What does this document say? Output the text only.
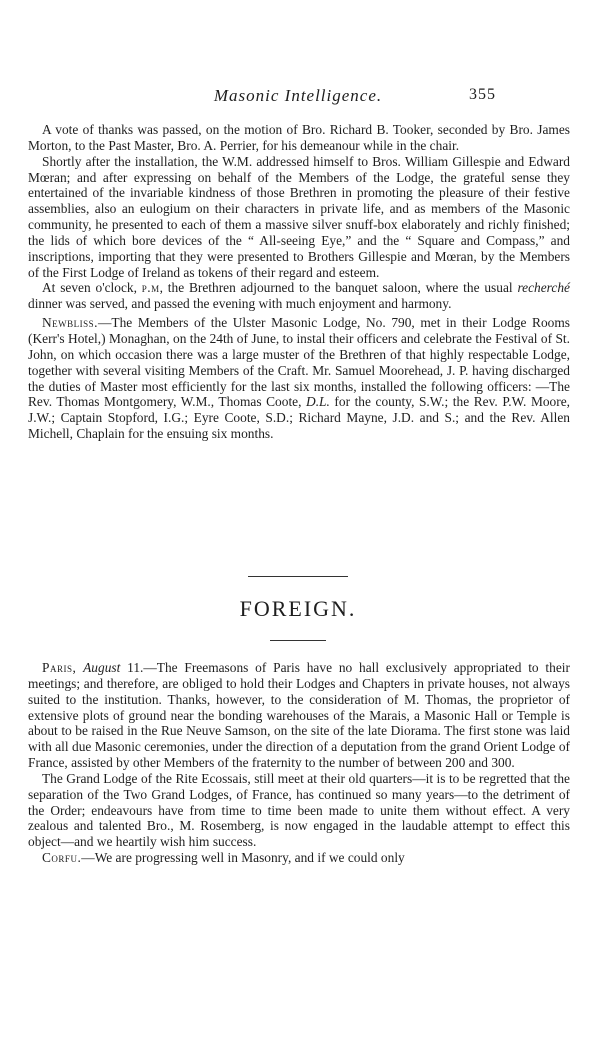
Masonic Intelligence.	355

A vote of thanks was passed, on the motion of Bro. Richard B. Tooker, seconded by Bro. James Morton, to the Past Master, Bro. A. Perrier, for his demeanour while in the chair.

Shortly after the installation, the W.M. addressed himself to Bros. William Gillespie and Edward Mœran; and after expressing on behalf of the Members of the Lodge, the grateful sense they entertained of the invariable kindness of those Brethren in promoting the pleasure of their festive assemblies, also an eulogium on their characters in private life, and as members of the Masonic community, he presented to each of them a massive silver snuff-box elaborately and richly finished; the lids of which bore devices of the “ All-seeing Eye,” and the “ Square and Compass,” and inscriptions, importing that they were presented to Brothers Gillespie and Mœran, by the Members of the First Lodge of Ireland as tokens of their regard and esteem.

At seven o'clock, p.m, the Brethren adjourned to the banquet saloon, where the usual recherché dinner was served, and passed the evening with much enjoyment and harmony.

Newbliss.—The Members of the Ulster Masonic Lodge, No. 790, met in their Lodge Rooms (Kerr's Hotel,) Monaghan, on the 24th of June, to instal their officers and celebrate the Festival of St. John, on which occasion there was a large muster of the Brethren of that highly respectable Lodge, together with several visiting Members of the Craft. Mr. Samuel Moorehead, J. P. having discharged the duties of Master most efficiently for the last six months, installed the following officers: —The Rev. Thomas Montgomery, W.M., Thomas Coote, D.L. for the county, S.W.; the Rev. P.W. Moore, J.W.; Captain Stopford, I.G.; Eyre Coote, S.D.; Richard Mayne, J.D. and S.; and the Rev. Allen Michell, Chaplain for the ensuing six months.

FOREIGN.

Paris, August 11.—The Freemasons of Paris have no hall exclusively appropriated to their meetings; and therefore, are obliged to hold their Lodges and Chapters in private houses, not always suited to the institution. Thanks, however, to the consideration of M. Thomas, the proprietor of extensive plots of ground near the bonding warehouses of the Marais, a Masonic Hall or Temple is about to be raised in the Rue Neuve Samson, on the site of the late Diorama. The first stone was laid with all due Masonic ceremonies, under the direction of a deputation from the grand Orient Lodge of France, assisted by other Members of the fraternity to the number of between 200 and 300.

The Grand Lodge of the Rite Ecossais, still meet at their old quarters—it is to be regretted that the separation of the Two Grand Lodges, of France, has continued so many years—to the detriment of the Order; endeavours have from time to time been made to unite them without effect. A very zealous and talented Bro., M. Rosemberg, is now engaged in the laudable attempt to effect this object—and we heartily wish him success.

Corfu.—We are progressing well in Masonry, and if we could only
